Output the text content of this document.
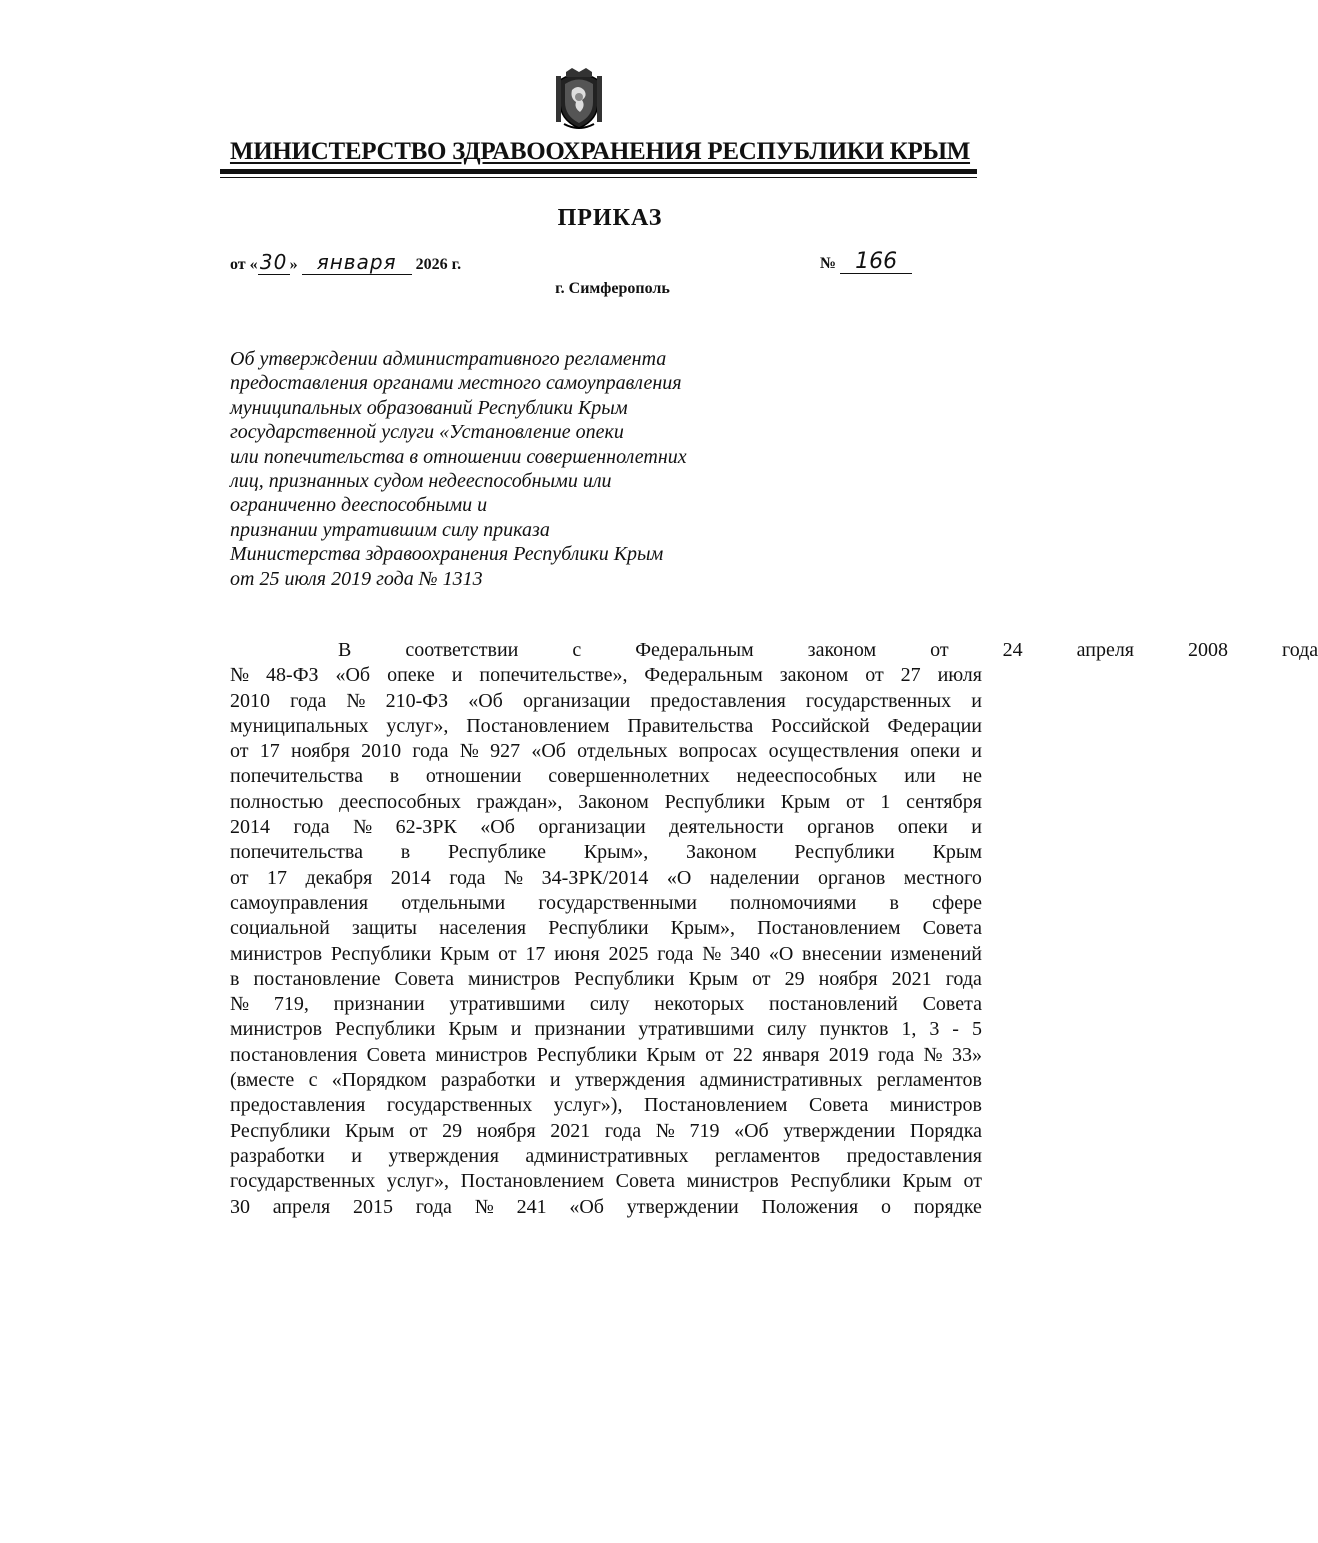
МИНИСТЕРСТВО ЗДРАВООХРАНЕНИЯ РЕСПУБЛИКИ КРЫМ
ПРИКАЗ
от « 30 » января 2026 г.	№ 166
г. Симферополь
Об утверждении административного регламента
предоставления органами местного самоуправления
муниципальных образований Республики Крым
государственной услуги «Установление опеки
или попечительства в отношении совершеннолетних
лиц, признанных судом недееспособными или
ограниченно дееспособными и
признании утратившим силу приказа
Министерства здравоохранения Республики Крым
от 25 июля 2019 года № 1313
В	соответствии	с	Федеральным	законом	от	24	апреля	2008	года
№ 48-ФЗ «Об опеке и попечительстве», Федеральным законом от 27 июля
2010 года № 210-ФЗ «Об организации предоставления государственных и
муниципальных услуг», Постановлением Правительства Российской Федерации
от 17 ноября 2010 года № 927 «Об отдельных вопросах осуществления опеки и
попечительства в отношении совершеннолетних недееспособных или не
полностью дееспособных граждан», Законом Республики Крым от 1 сентября
2014 года № 62-ЗРК «Об организации деятельности органов опеки и
попечительства в Республике Крым», Законом Республики Крым
от 17 декабря 2014 года № 34-ЗРК/2014 «О наделении органов местного
самоуправления отдельными государственными полномочиями в сфере
социальной защиты населения Республики Крым», Постановлением Совета
министров Республики Крым от 17 июня 2025 года № 340 «О внесении изменений
в постановление Совета министров Республики Крым от 29 ноября 2021 года
№ 719, признании утратившими силу некоторых постановлений Совета
министров Республики Крым и признании утратившими силу пунктов 1, 3 - 5
постановления Совета министров Республики Крым от 22 января 2019 года № 33»
(вместе с «Порядком разработки и утверждения административных регламентов
предоставления государственных услуг»), Постановлением Совета министров
Республики Крым от 29 ноября 2021 года № 719 «Об утверждении Порядка
разработки и утверждения административных регламентов предоставления
государственных услуг», Постановлением Совета министров Республики Крым от
30 апреля 2015 года № 241 «Об утверждении Положения о порядке
